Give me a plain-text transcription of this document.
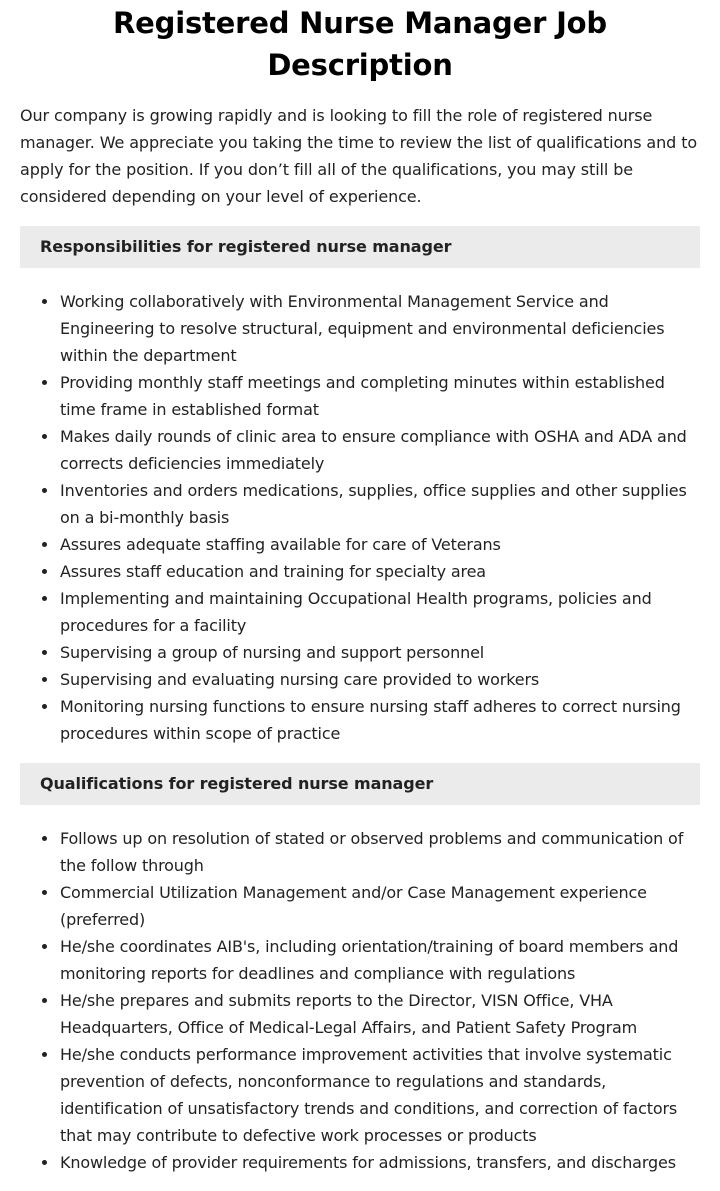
Registered Nurse Manager Job Description

Our company is growing rapidly and is looking to fill the role of registered nurse manager. We appreciate you taking the time to review the list of qualifications and to apply for the position. If you don’t fill all of the qualifications, you may still be considered depending on your level of experience.

Responsibilities for registered nurse manager
Working collaboratively with Environmental Management Service and Engineering to resolve structural, equipment and environmental deficiencies within the department
Providing monthly staff meetings and completing minutes within established time frame in established format
Makes daily rounds of clinic area to ensure compliance with OSHA and ADA and corrects deficiencies immediately
Inventories and orders medications, supplies, office supplies and other supplies on a bi-monthly basis
Assures adequate staffing available for care of Veterans
Assures staff education and training for specialty area
Implementing and maintaining Occupational Health programs, policies and procedures for a facility
Supervising a group of nursing and support personnel
Supervising and evaluating nursing care provided to workers
Monitoring nursing functions to ensure nursing staff adheres to correct nursing procedures within scope of practice
Qualifications for registered nurse manager
Follows up on resolution of stated or observed problems and communication of the follow through
Commercial Utilization Management and/or Case Management experience (preferred)
He/she coordinates AIB's, including orientation/training of board members and monitoring reports for deadlines and compliance with regulations
He/she prepares and submits reports to the Director, VISN Office, VHA Headquarters, Office of Medical-Legal Affairs, and Patient Safety Program
He/she conducts performance improvement activities that involve systematic prevention of defects, nonconformance to regulations and standards, identification of unsatisfactory trends and conditions, and correction of factors that may contribute to defective work processes or products
Knowledge of provider requirements for admissions, transfers, and discharges
